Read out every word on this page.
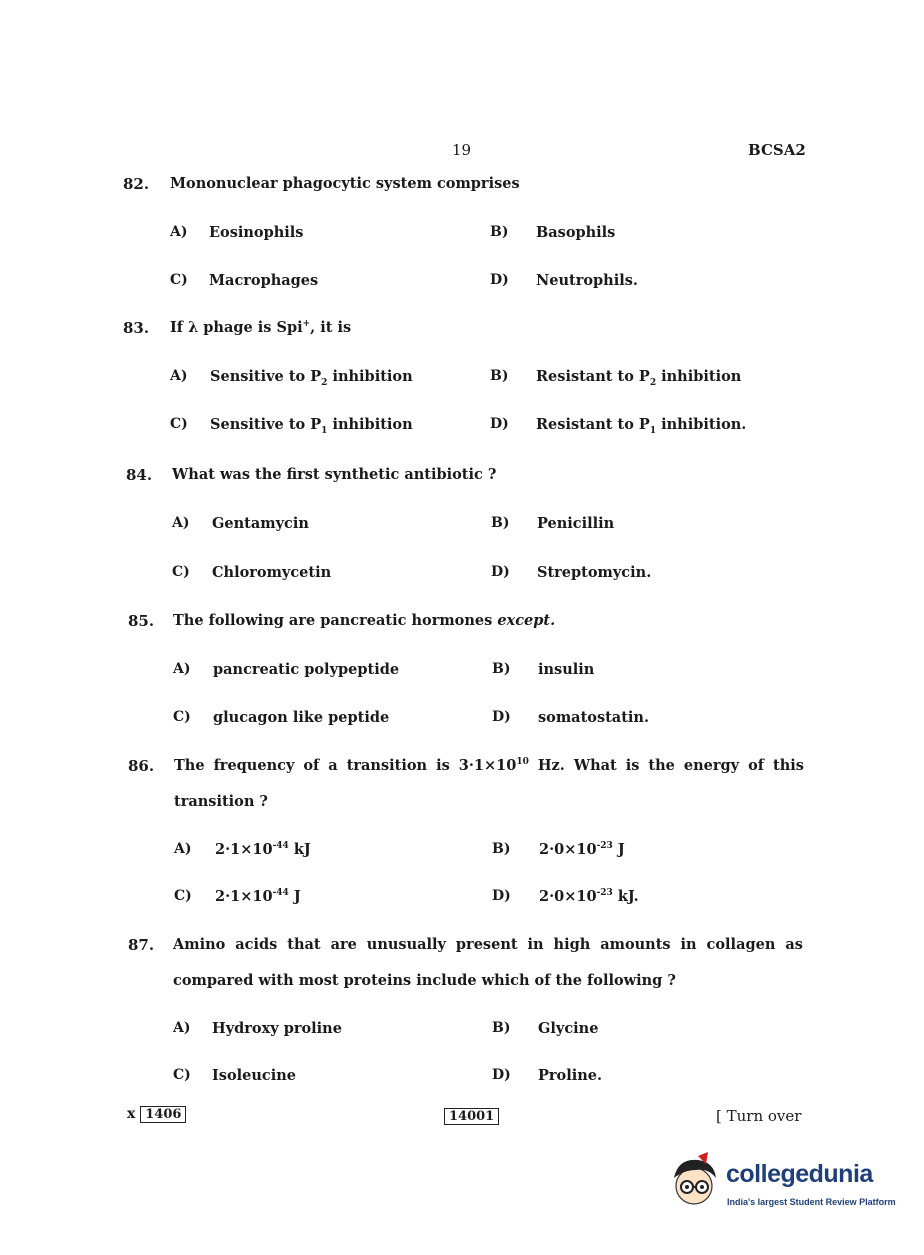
19	BCSA2
82. Mononuclear phagocytic system comprises
A) Eosinophils	B) Basophils
C) Macrophages	D) Neutrophils.
83. If λ phage is Spi+, it is
A) Sensitive to $P_2$ inhibition	B) Resistant to $P_2$ inhibition
C) Sensitive to $P_1$ inhibition	D) Resistant to $P_1$ inhibition.
84. What was the first synthetic antibiotic ?
A) Gentamycin	B) Penicillin
C) Chloromycetin	D) Streptomycin.
85. The following are pancreatic hormones except.
A) pancreatic polypeptide	B) insulin
C) glucagon like peptide	D) somatostatin.
86. The frequency of a transition is $3\cdot 1\times 10^{10}$ Hz. What is the energy of this
transition ?
A) $2\cdot 1\times 10^{-44}$ kJ	B) $2\cdot 0\times 10^{-23}$ J
C) $2\cdot 1\times 10^{-44}$ J	D) $2\cdot 0\times 10^{-23}$ kJ.
87. Amino acids that are unusually present in high amounts in collagen as
compared with most proteins include which of the following ?
A) Hydroxy proline	B) Glycine
C) Isoleucine	D) Proline.
x 1406	14001	[ Turn over
collegedunia
India's largest Student Review Platform
